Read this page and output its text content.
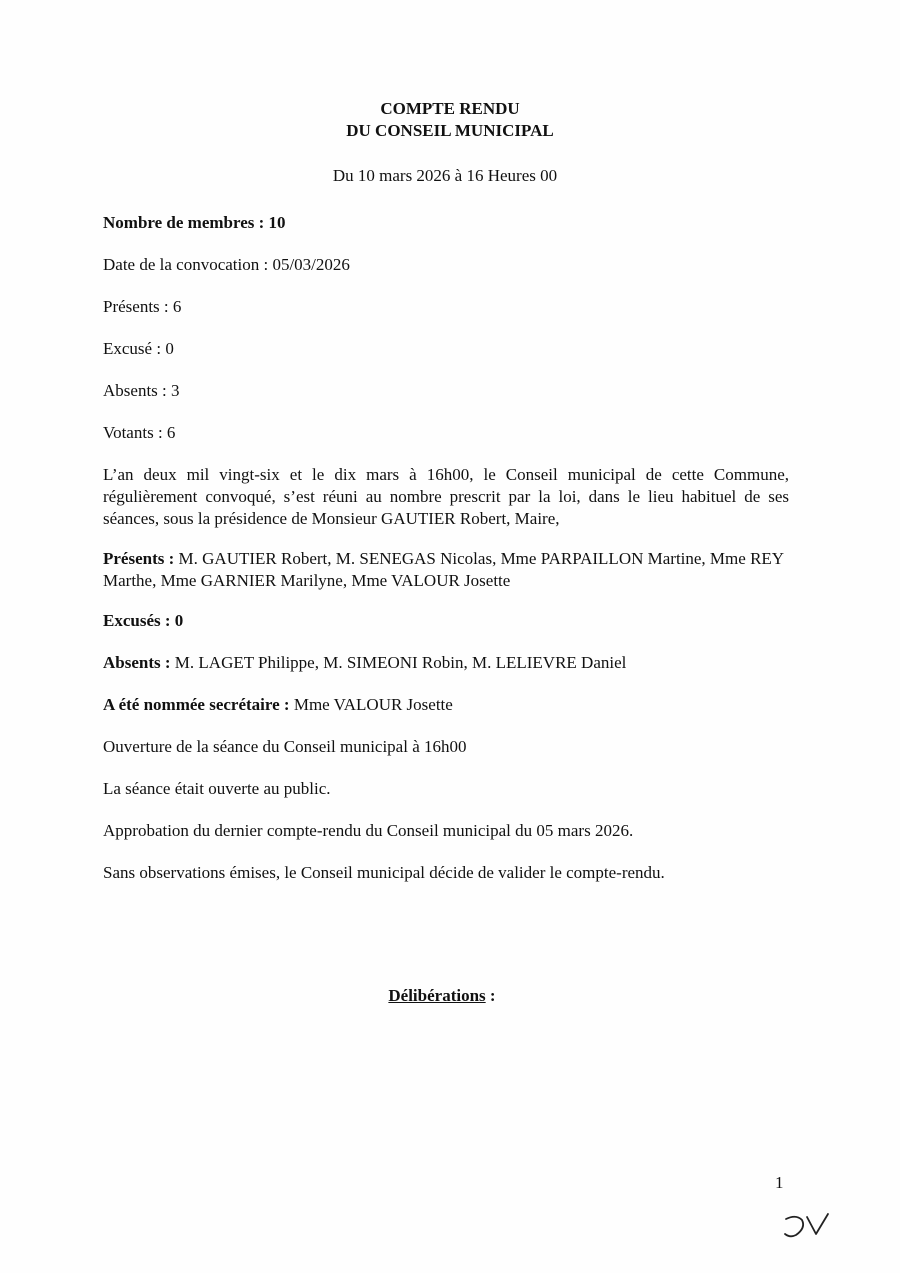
COMPTE RENDU
DU CONSEIL MUNICIPAL
Du 10 mars 2026 à 16 Heures 00
Nombre de membres : 10
Date de la convocation : 05/03/2026
Présents : 6
Excusé : 0
Absents : 3
Votants : 6
L’an deux mil vingt-six et le dix mars à 16h00, le Conseil municipal de cette Commune, régulièrement convoqué, s’est réuni au nombre prescrit par la loi, dans le lieu habituel de ses séances, sous la présidence de Monsieur GAUTIER Robert, Maire,
Présents : M. GAUTIER Robert, M. SENEGAS Nicolas, Mme PARPAILLON Martine, Mme REY Marthe, Mme GARNIER Marilyne, Mme VALOUR Josette
Excusés : 0
Absents : M. LAGET Philippe, M. SIMEONI Robin, M. LELIEVRE Daniel
A été nommée secrétaire : Mme VALOUR Josette
Ouverture de la séance du Conseil municipal à 16h00
La séance était ouverte au public.
Approbation du dernier compte-rendu du Conseil municipal du 05 mars 2026.
Sans observations émises, le Conseil municipal décide de valider le compte-rendu.
Délibérations :
1
